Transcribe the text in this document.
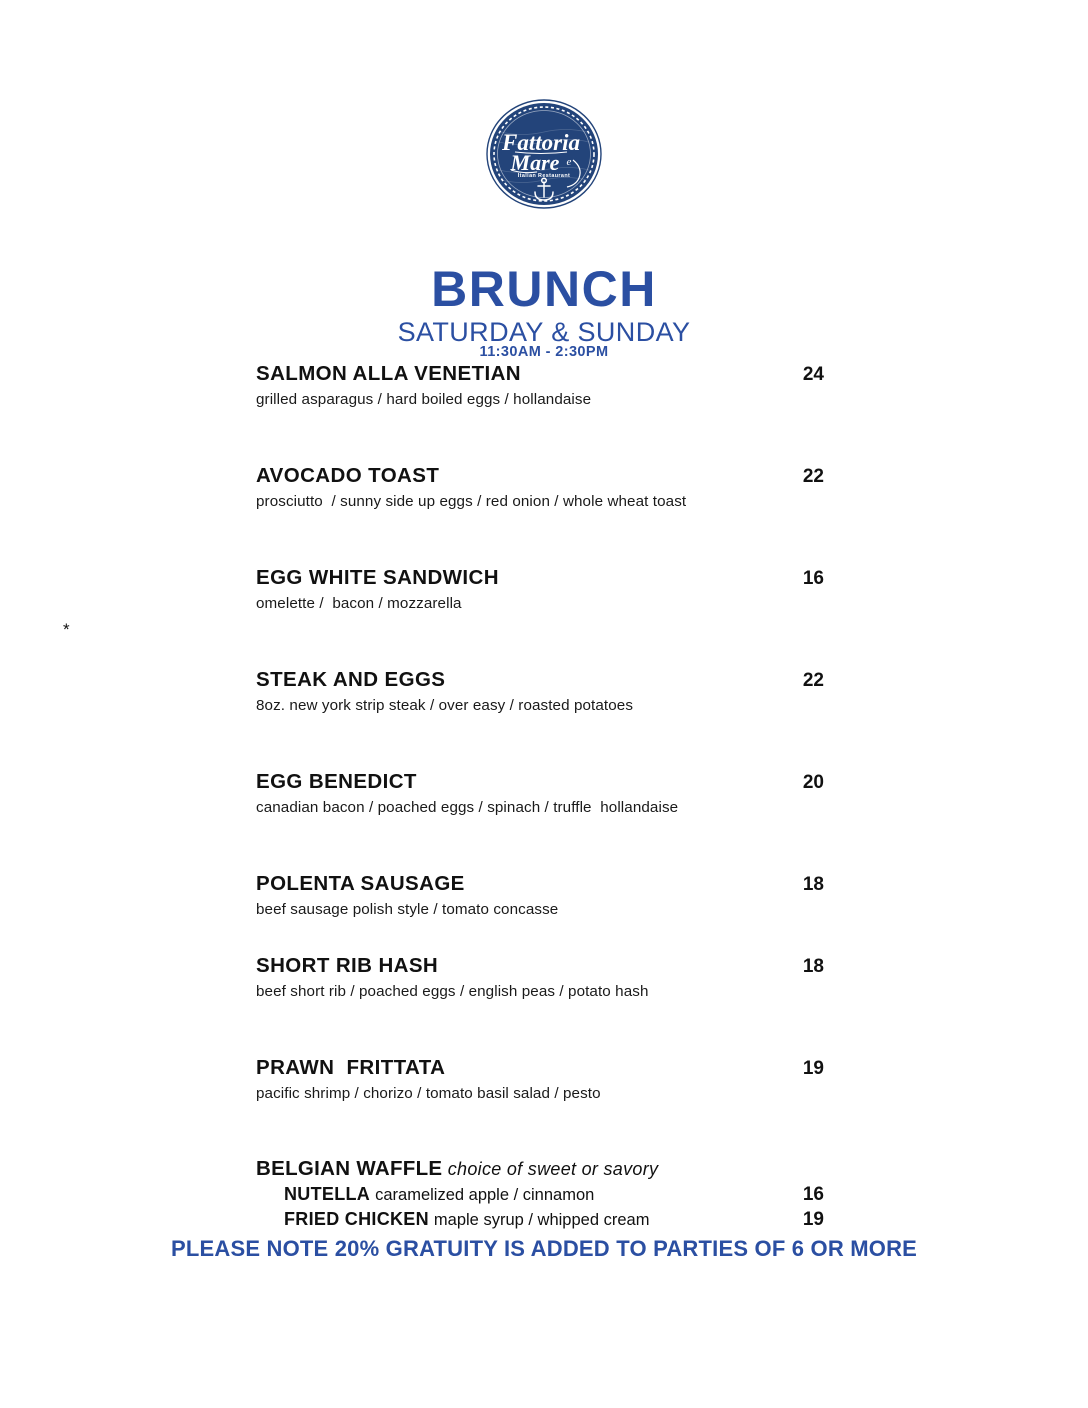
Fattoria
Mare e
Italian Restaurant
BRUNCH
SATURDAY & SUNDAY
11:30AM - 2:30PM
*
SALMON ALLA VENETIAN	24
grilled asparagus / hard boiled eggs / hollandaise
AVOCADO TOAST	22
prosciutto  / sunny side up eggs / red onion / whole wheat toast
EGG WHITE SANDWICH	16
omelette /  bacon / mozzarella
STEAK AND EGGS	22
8oz. new york strip steak / over easy / roasted potatoes
EGG BENEDICT	20
canadian bacon / poached eggs / spinach / truffle  hollandaise
POLENTA SAUSAGE	18
beef sausage polish style / tomato concasse
SHORT RIB HASH	18
beef short rib / poached eggs / english peas / potato hash
PRAWN  FRITTATA	19
pacific shrimp / chorizo / tomato basil salad / pesto
BELGIAN WAFFLE choice of sweet or savory
NUTELLA caramelized apple / cinnamon	16
FRIED CHICKEN maple syrup / whipped cream	19
PLEASE NOTE 20% GRATUITY IS ADDED TO PARTIES OF 6 OR MORE
